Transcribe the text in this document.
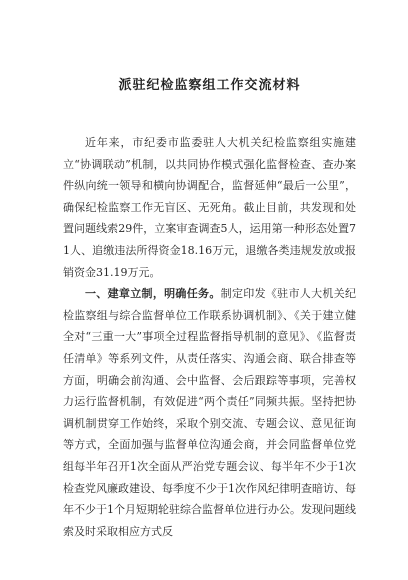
派驻纪检监察组工作交流材料

近年来，市纪委市监委驻人大机关纪检监察组实施建立“协调联动”机制，以共同协作模式强化监督检查、查办案件纵向统一领导和横向协调配合，监督延伸“最后一公里”，确保纪检监察工作无盲区、无死角。截止目前，共发现和处置问题线索29件，立案审查调查5人，运用第一种形态处置71人、追缴违法所得资金18.16万元，退缴各类违规发放或报销资金31.19万元。

一、建章立制，明确任务。制定印发《驻市人大机关纪检监察组与综合监督单位工作联系协调机制》、《关于建立健全对“三重一大”事项全过程监督指导机制的意见》、《监督责任清单》等系列文件，从责任落实、沟通会商、联合排查等方面，明确会前沟通、会中监督、会后跟踪等事项，完善权力运行监督机制，有效促进“两个责任”同频共振。坚持把协调机制贯穿工作始终，采取个别交流、专题会议、意见征询等方式，全面加强与监督单位沟通会商，并会同监督单位党组每半年召开1次全面从严治党专题会议、每半年不少于1次检查党风廉政建设、每季度不少于1次作风纪律明查暗访、每年不少于1个月短期轮驻综合监督单位进行办公。发现问题线索及时采取相应方式反
